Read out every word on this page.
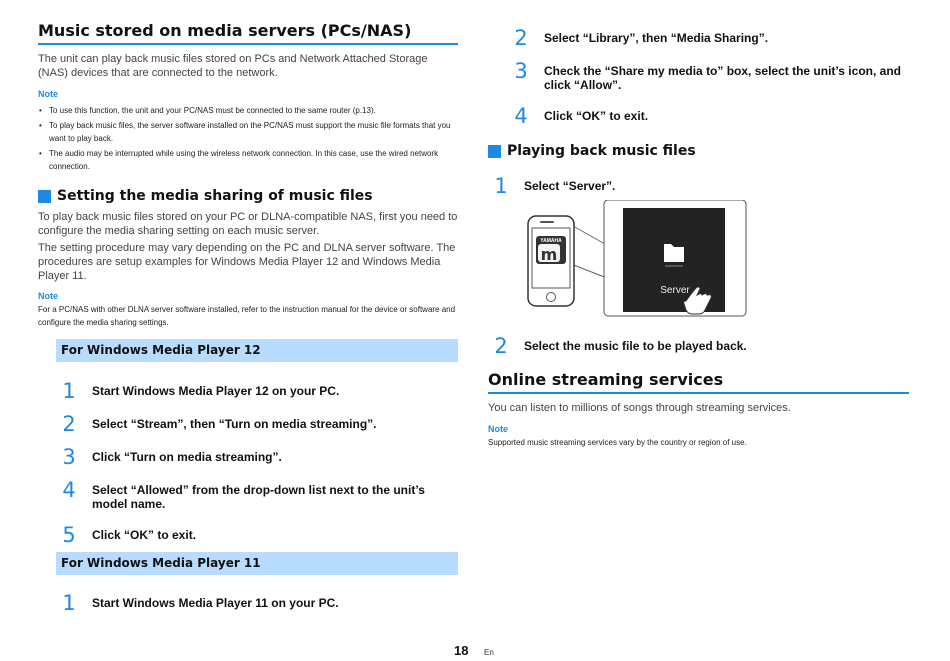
Music stored on media servers (PCs/NAS)
The unit can play back music files stored on PCs and Network Attached Storage (NAS) devices that are connected to the network.
Note
• To use this function, the unit and your PC/NAS must be connected to the same router (p.13).
• To play back music files, the server software installed on the PC/NAS must support the music file formats that you want to play back.
• The audio may be interrupted while using the wireless network connection. In this case, use the wired network connection.
Setting the media sharing of music files
To play back music files stored on your PC or DLNA-compatible NAS, first you need to configure the media sharing setting on each music server.
The setting procedure may vary depending on the PC and DLNA server software. The procedures are setup examples for Windows Media Player 12 and Windows Media Player 11.
Note
For a PC/NAS with other DLNA server software installed, refer to the instruction manual for the device or software and configure the media sharing settings.
For Windows Media Player 12
1	Start Windows Media Player 12 on your PC.
2	Select “Stream”, then “Turn on media streaming”.
3	Click “Turn on media streaming”.
4	Select “Allowed” from the drop-down list next to the unit’s model name.
5	Click “OK” to exit.
For Windows Media Player 11
1	Start Windows Media Player 11 on your PC.
2	Select “Library”, then “Media Sharing”.
3	Check the “Share my media to” box, select the unit’s icon, and click “Allow”.
4	Click “OK” to exit.
Playing back music files
1	Select “Server”.
YAMAHA
m
Server
2	Select the music file to be played back.
Online streaming services
You can listen to millions of songs through streaming services.
Note
Supported music streaming services vary by the country or region of use.
18 En
